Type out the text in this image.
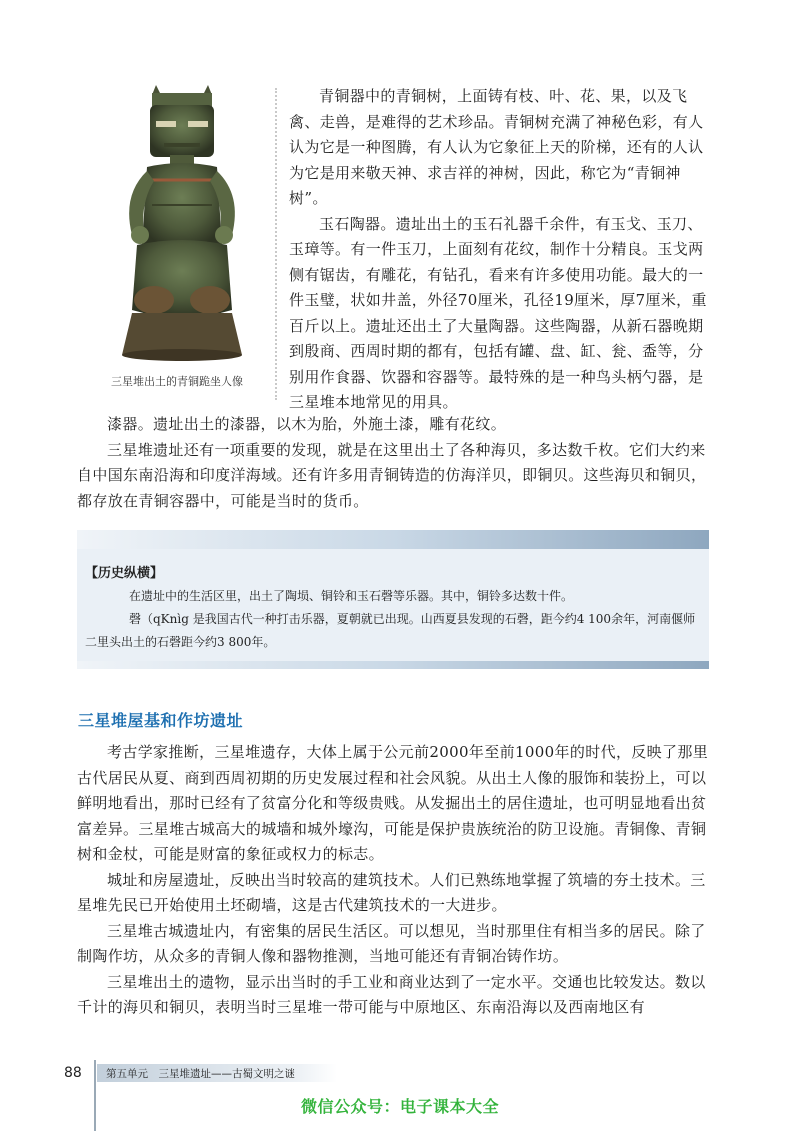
三星堆出土的青铜跪坐人像

青铜器中的青铜树，上面铸有枝、叶、花、果，以及飞禽、走兽，是难得的艺术珍品。青铜树充满了神秘色彩，有人认为它是一种图腾，有人认为它象征上天的阶梯，还有的人认为它是用来敬天神、求吉祥的神树，因此，称它为“青铜神树”。

玉石陶器。遗址出土的玉石礼器千余件，有玉戈、玉刀、玉璋等。有一件玉刀，上面刻有花纹，制作十分精良。玉戈两侧有锯齿，有雕花，有钻孔，看来有许多使用功能。最大的一件玉璧，状如井盖，外径70厘米，孔径19厘米，厚7厘米，重百斤以上。遗址还出土了大量陶器。这些陶器，从新石器晚期到殷商、西周时期的都有，包括有罐、盘、缸、瓮、盉等，分别用作食器、饮器和容器等。最特殊的是一种鸟头柄勺器，是三星堆本地常见的用具。

漆器。遗址出土的漆器，以木为胎，外施土漆，雕有花纹。

三星堆遗址还有一项重要的发现，就是在这里出土了各种海贝，多达数千枚。它们大约来自中国东南沿海和印度洋海域。还有许多用青铜铸造的仿海洋贝，即铜贝。这些海贝和铜贝，都存放在青铜容器中，可能是当时的货币。

【历史纵横】

在遗址中的生活区里，出土了陶埙、铜铃和玉石磬等乐器。其中，铜铃多达数十件。

磬（qKnìg 是我国古代一种打击乐器，夏朝就已出现。山西夏县发现的石磬，距今约4 100余年，河南偃师二里头出土的石磬距今约3 800年。

三星堆屋基和作坊遗址

考古学家推断，三星堆遗存，大体上属于公元前2000年至前1000年的时代，反映了那里古代居民从夏、商到西周初期的历史发展过程和社会风貌。从出土人像的服饰和装扮上，可以鲜明地看出，那时已经有了贫富分化和等级贵贱。从发掘出土的居住遗址，也可明显地看出贫富差异。三星堆古城高大的城墙和城外壕沟，可能是保护贵族统治的防卫设施。青铜像、青铜树和金杖，可能是财富的象征或权力的标志。

城址和房屋遗址，反映出当时较高的建筑技术。人们已熟练地掌握了筑墙的夯土技术。三星堆先民已开始使用土坯砌墙，这是古代建筑技术的一大进步。

三星堆古城遗址内，有密集的居民生活区。可以想见，当时那里住有相当多的居民。除了制陶作坊，从众多的青铜人像和器物推测，当地可能还有青铜冶铸作坊。

三星堆出土的遗物，显示出当时的手工业和商业达到了一定水平。交通也比较发达。数以千计的海贝和铜贝，表明当时三星堆一带可能与中原地区、东南沿海以及西南地区有

88 第五单元　三星堆遗址——古蜀文明之谜
微信公众号：电子课本大全
